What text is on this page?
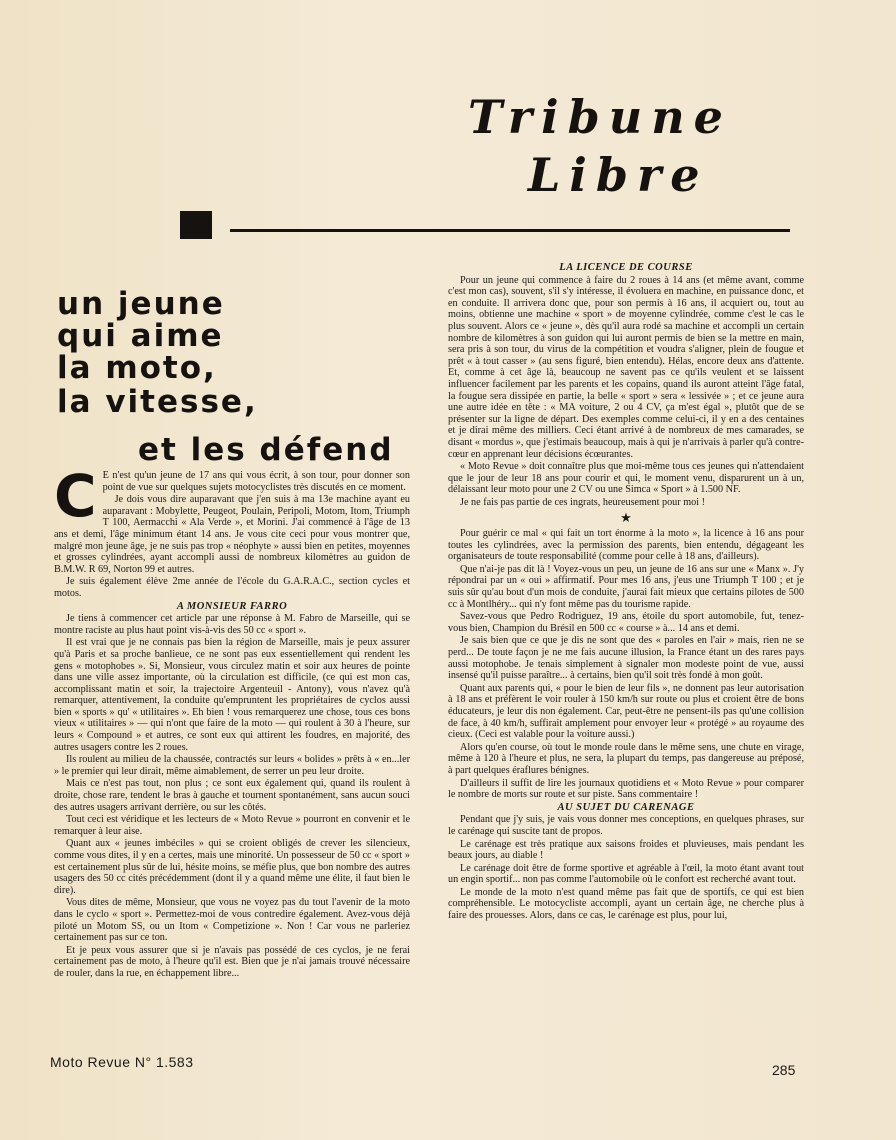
Tribune
Libre
un jeune
qui aime
la moto,
la vitesse,
et les défend

C E n'est qu'un jeune de 17 ans qui vous écrit, à son tour, pour donner son point de vue sur quelques sujets motocyclistes très discutés en ce moment.

Je dois vous dire auparavant que j'en suis à ma 13e machine ayant eu auparavant : Mobylette, Peugeot, Poulain, Peripoli, Motom, Itom, Triumph T 100, Aermacchi « Ala Verde », et Morini. J'ai commencé à l'âge de 13 ans et demi, l'âge minimum étant 14 ans. Je vous cite ceci pour vous montrer que, malgré mon jeune âge, je ne suis pas trop « néophyte » aussi bien en petites, moyennes et grosses cylindrées, ayant accompli aussi de nombreux kilomètres au guidon de B.M.W. R 69, Norton 99 et autres.

Je suis également élève 2me année de l'école du G.A.R.A.C., section cycles et motos.

A MONSIEUR FARRO

Je tiens à commencer cet article par une réponse à M. Fabro de Marseille, qui se montre raciste au plus haut point vis-à-vis des 50 cc « sport ».

Il est vrai que je ne connais pas bien la région de Marseille, mais je peux assurer qu'à Paris et sa proche banlieue, ce ne sont pas eux essentiellement qui rendent les gens « motophobes ». Si, Monsieur, vous circulez matin et soir aux heures de pointe dans une ville assez importante, où la circulation est difficile, (ce qui est mon cas, accomplissant matin et soir, la trajectoire Argenteuil - Antony), vous n'avez qu'à remarquer, attentivement, la conduite qu'empruntent les propriétaires de cyclos aussi bien « sports » qu' « utilitaires ». Eh bien ! vous remarquerez une chose, tous ces bons vieux « utilitaires » — qui n'ont que faire de la moto — qui roulent à 30 à l'heure, sur leurs « Compound » et autres, ce sont eux qui attirent les foudres, en majorité, des autres usagers contre les 2 roues.

Ils roulent au milieu de la chaussée, contractés sur leurs « bolides » prêts à « en...ler » le premier qui leur dirait, même aimablement, de serrer un peu leur droite.

Mais ce n'est pas tout, non plus ; ce sont eux également qui, quand ils roulent à droite, chose rare, tendent le bras à gauche et tournent spontanément, sans aucun souci des autres usagers arrivant derrière, ou sur les côtés.

Tout ceci est véridique et les lecteurs de « Moto Revue » pourront en convenir et le remarquer à leur aise.

Quant aux « jeunes imbéciles » qui se croient obligés de crever les silencieux, comme vous dites, il y en a certes, mais une minorité. Un possesseur de 50 cc « sport » est certainement plus sûr de lui, hésite moins, se méfie plus, que bon nombre des autres usagers des 50 cc cités précédemment (dont il y a quand même une élite, il faut bien le dire).

Vous dites de même, Monsieur, que vous ne voyez pas du tout l'avenir de la moto dans le cyclo « sport ». Permettez-moi de vous contredire également. Avez-vous déjà piloté un Motom SS, ou un Itom « Competizione ». Non ! Car vous ne parleriez certainement pas sur ce ton.

Et je peux vous assurer que si je n'avais pas possédé de ces cyclos, je ne ferai certainement pas de moto, à l'heure qu'il est. Bien que je n'ai jamais trouvé nécessaire de rouler, dans la rue, en échappement libre...

LA LICENCE DE COURSE

Pour un jeune qui commence à faire du 2 roues à 14 ans (et même avant, comme c'est mon cas), souvent, s'il s'y intéresse, il évoluera en machine, en puissance donc, et en conduite. Il arrivera donc que, pour son permis à 16 ans, il acquiert ou, tout au moins, obtienne une machine « sport » de moyenne cylindrée, comme c'est le cas le plus souvent. Alors ce « jeune », dès qu'il aura rodé sa machine et accompli un certain nombre de kilomètres à son guidon qui lui auront permis de bien se la mettre en main, sera pris à son tour, du virus de la compétition et voudra s'aligner, plein de fougue et prêt « à tout casser » (au sens figuré, bien entendu). Hélas, encore deux ans d'attente. Et, comme à cet âge là, beaucoup ne savent pas ce qu'ils veulent et se laissent influencer facilement par les parents et les copains, quand ils auront atteint l'âge fatal, la fougue sera dissipée en partie, la belle « sport » sera « lessivée » ; et ce jeune aura une autre idée en tête : « MA voiture, 2 ou 4 CV, ça m'est égal », plutôt que de se présenter sur la ligne de départ. Des exemples comme celui-ci, il y en a des centaines et je dirai même des milliers. Ceci étant arrivé à de nombreux de mes camarades, se disant « mordus », que j'estimais beaucoup, mais à qui je n'arrivais à parler qu'à contre-cœur en apprenant leur décisions écœurantes.

« Moto Revue » doit connaître plus que moi-même tous ces jeunes qui n'attendaient que le jour de leur 18 ans pour courir et qui, le moment venu, disparurent un à un, délaissant leur moto pour une 2 CV ou une Simca « Sport » à 1.500 NF.

Je ne fais pas partie de ces ingrats, heureusement pour moi !

★

Pour guérir ce mal « qui fait un tort énorme à la moto », la licence à 16 ans pour toutes les cylindrées, avec la permission des parents, bien entendu, dégageant les organisateurs de toute responsabilité (comme pour celle à 18 ans, d'ailleurs).

Que n'ai-je pas dit là ! Voyez-vous un peu, un jeune de 16 ans sur une « Manx ». J'y répondrai par un « oui » affirmatif. Pour mes 16 ans, j'eus une Triumph T 100 ; et je suis sûr qu'au bout d'un mois de conduite, j'aurai fait mieux que certains pilotes de 500 cc à Montlhéry... qui n'y font même pas du tourisme rapide.

Savez-vous que Pedro Rodriguez, 19 ans, étoile du sport automobile, fut, tenez-vous bien, Champion du Brésil en 500 cc « course » à... 14 ans et demi.

Je sais bien que ce que je dis ne sont que des « paroles en l'air » mais, rien ne se perd... De toute façon je ne me fais aucune illusion, la France étant un des rares pays aussi motophobe. Je tenais simplement à signaler mon modeste point de vue, aussi insensé qu'il puisse paraître... à certains, bien qu'il soit très fondé à mon goût.

Quant aux parents qui, « pour le bien de leur fils », ne donnent pas leur autorisation à 18 ans et préfèrent le voir rouler à 150 km/h sur route ou plus et croient être de bons éducateurs, je leur dis non également. Car, peut-être ne pensent-ils pas qu'une collision de face, à 40 km/h, suffirait amplement pour envoyer leur « protégé » au royaume des cieux. (Ceci est valable pour la voiture aussi.)

Alors qu'en course, où tout le monde roule dans le même sens, une chute en virage, même à 120 à l'heure et plus, ne sera, la plupart du temps, pas dangereuse au préposé, à part quelques éraflures bénignes.

D'ailleurs il suffit de lire les journaux quotidiens et « Moto Revue » pour comparer le nombre de morts sur route et sur piste. Sans commentaire !

AU SUJET DU CARENAGE

Pendant que j'y suis, je vais vous donner mes conceptions, en quelques phrases, sur le carénage qui suscite tant de propos.

Le carénage est très pratique aux saisons froides et pluvieuses, mais pendant les beaux jours, au diable !

Le carénage doit être de forme sportive et agréable à l'œil, la moto étant avant tout un engin sportif... non pas comme l'automobile où le confort est recherché avant tout.

Le monde de la moto n'est quand même pas fait que de sportifs, ce qui est bien compréhensible. Le motocycliste accompli, ayant un certain âge, ne cherche plus à faire des prouesses. Alors, dans ce cas, le carénage est plus, pour lui,

Moto Revue N° 1.583	285
